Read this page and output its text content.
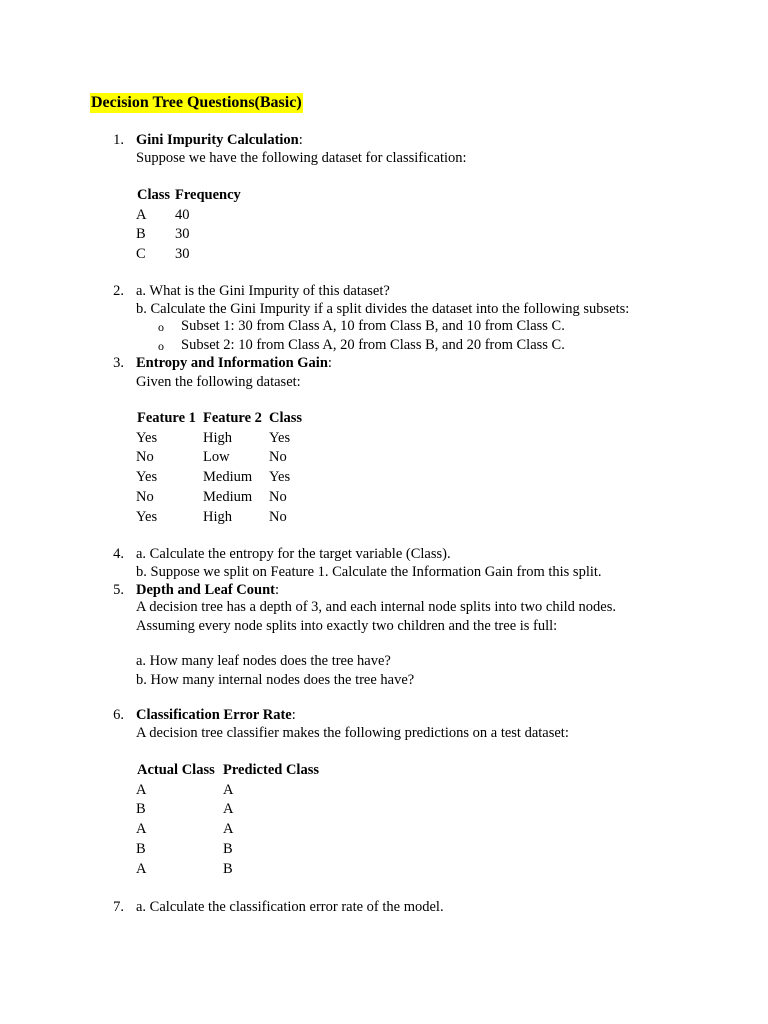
Decision Tree Questions(Basic)
1. Gini Impurity Calculation:
Suppose we have the following dataset for classification:
Class	Frequency
A	40
B	30
C	30
2. a. What is the Gini Impurity of this dataset?
b. Calculate the Gini Impurity if a split divides the dataset into the following subsets:
o Subset 1: 30 from Class A, 10 from Class B, and 10 from Class C.
o Subset 2: 10 from Class A, 20 from Class B, and 20 from Class C.
3. Entropy and Information Gain:
Given the following dataset:
Feature 1	Feature 2	Class
Yes	High	Yes
No	Low	No
Yes	Medium	Yes
No	Medium	No
Yes	High	No
4. a. Calculate the entropy for the target variable (Class).
b. Suppose we split on Feature 1. Calculate the Information Gain from this split.
5. Depth and Leaf Count:
A decision tree has a depth of 3, and each internal node splits into two child nodes.
Assuming every node splits into exactly two children and the tree is full:
a. How many leaf nodes does the tree have?
b. How many internal nodes does the tree have?
6. Classification Error Rate:
A decision tree classifier makes the following predictions on a test dataset:
Actual Class	Predicted Class
A	A
B	A
A	A
B	B
A	B
7. a. Calculate the classification error rate of the model.
